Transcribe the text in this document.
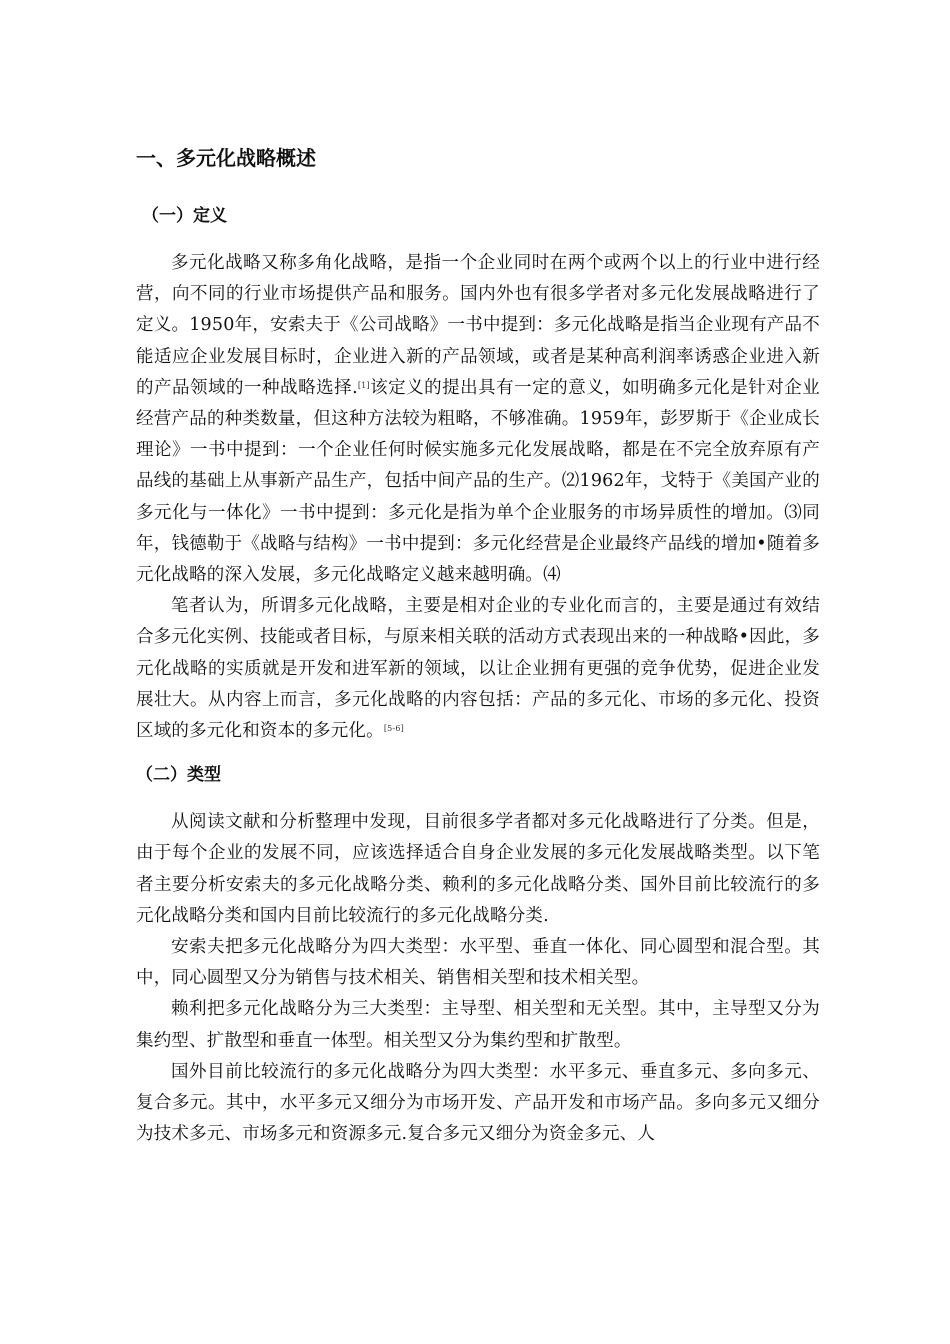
一、多元化战略概述
（一）定义

多元化战略又称多角化战略，是指一个企业同时在两个或两个以上的行业中进行经营，向不同的行业市场提供产品和服务。国内外也有很多学者对多元化发展战略进行了定义。1950年，安索夫于《公司战略》一书中提到：多元化战略是指当企业现有产品不能适应企业发展目标时，企业进入新的产品领域，或者是某种高利润率诱惑企业进入新的产品领域的一种战略选择.[1]该定义的提出具有一定的意义，如明确多元化是针对企业经营产品的种类数量，但这种方法较为粗略，不够准确。1959年，彭罗斯于《企业成长理论》一书中提到：一个企业任何时候实施多元化发展战略，都是在不完全放弃原有产品线的基础上从事新产品生产，包括中间产品的生产。⑵1962年，戈特于《美国产业的多元化与一体化》一书中提到：多元化是指为单个企业服务的市场异质性的增加。⑶同年，钱德勒于《战略与结构》一书中提到：多元化经营是企业最终产品线的增加•随着多元化战略的深入发展，多元化战略定义越来越明确。⑷

笔者认为，所谓多元化战略，主要是相对企业的专业化而言的，主要是通过有效结合多元化实例、技能或者目标，与原来相关联的活动方式表现出来的一种战略•因此，多元化战略的实质就是开发和进军新的领域，以让企业拥有更强的竞争优势，促进企业发展壮大。从内容上而言，多元化战略的内容包括：产品的多元化、市场的多元化、投资区域的多元化和资本的多元化。[5-6]

（二）类型

从阅读文献和分析整理中发现，目前很多学者都对多元化战略进行了分类。但是，由于每个企业的发展不同，应该选择适合自身企业发展的多元化发展战略类型。以下笔者主要分析安索夫的多元化战略分类、赖利的多元化战略分类、国外目前比较流行的多元化战略分类和国内目前比较流行的多元化战略分类.

安索夫把多元化战略分为四大类型：水平型、垂直一体化、同心圆型和混合型。其中，同心圆型又分为销售与技术相关、销售相关型和技术相关型。

赖利把多元化战略分为三大类型：主导型、相关型和无关型。其中，主导型又分为集约型、扩散型和垂直一体型。相关型又分为集约型和扩散型。

国外目前比较流行的多元化战略分为四大类型：水平多元、垂直多元、多向多元、复合多元。其中，水平多元又细分为市场开发、产品开发和市场产品。多向多元又细分为技术多元、市场多元和资源多元.复合多元又细分为资金多元、人
